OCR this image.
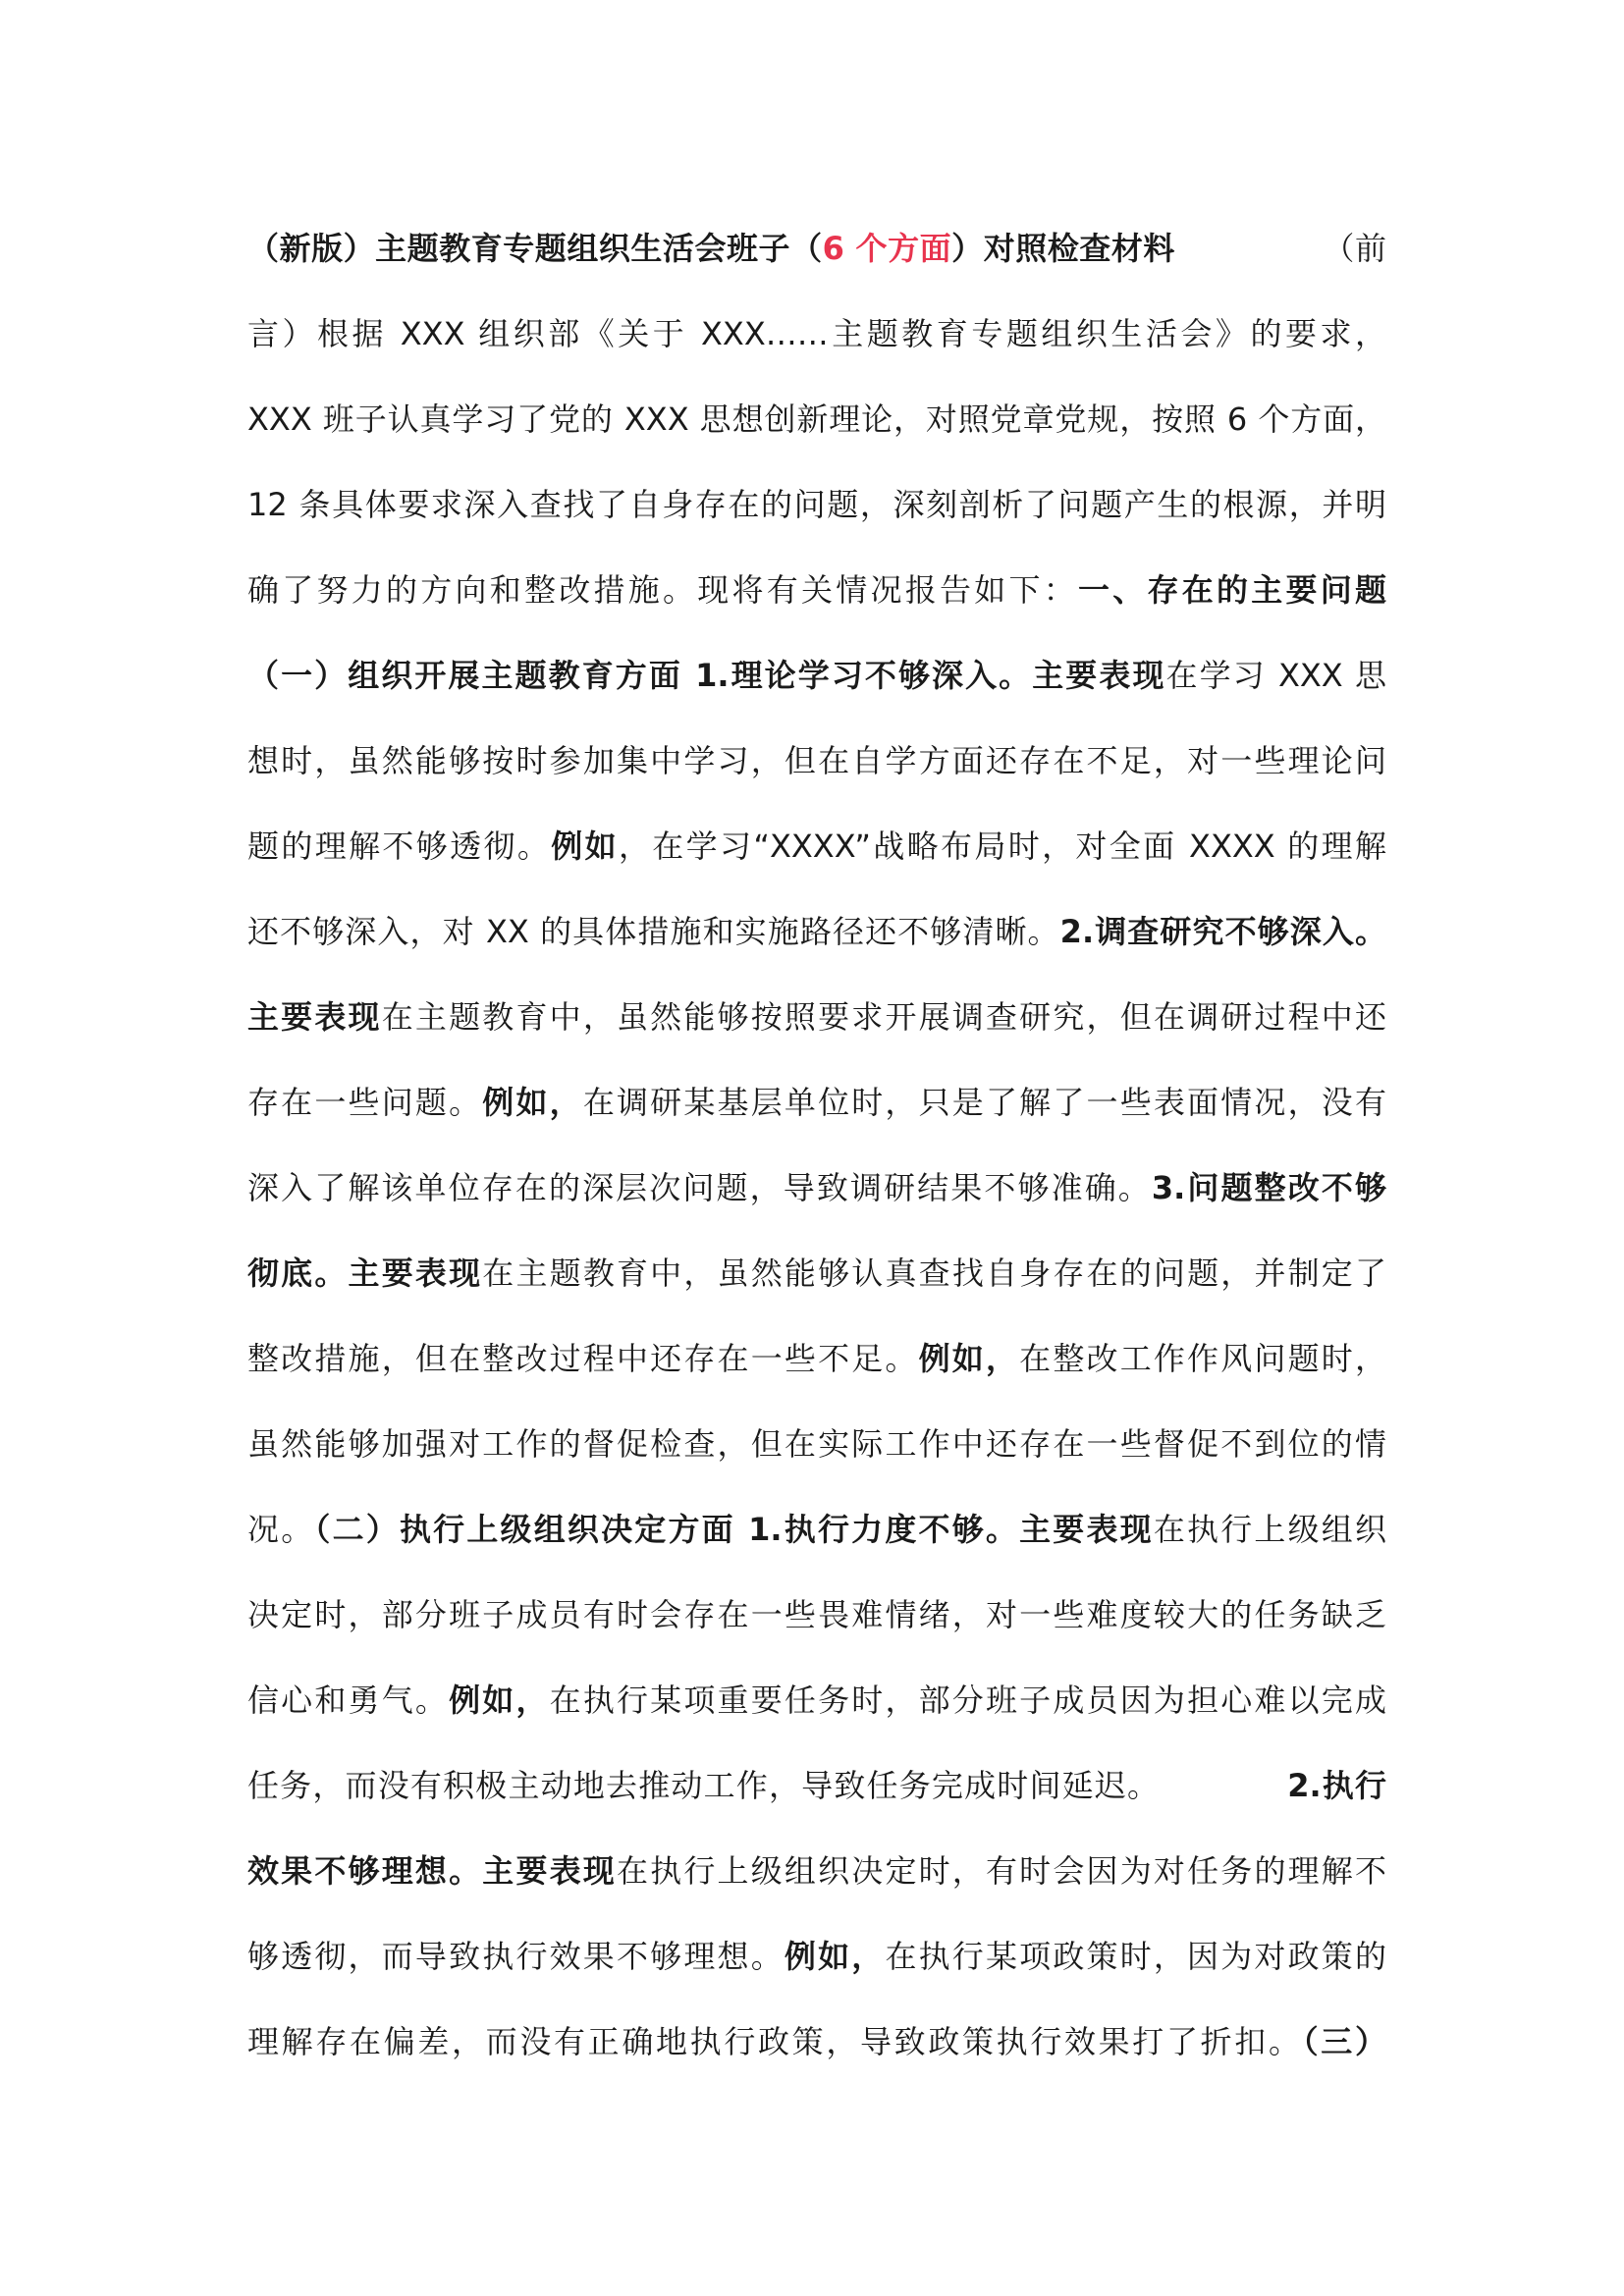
（新版）主题教育专题组织生活会班子（6 个方面）对照检查材料	（前
言）根据 XXX 组织部《关于 XXX……主题教育专题组织生活会》的要求，
XXX 班子认真学习了党的 XXX 思想创新理论，对照党章党规，按照 6 个方面，
12 条具体要求深入查找了自身存在的问题，深刻剖析了问题产生的根源，并明
确了努力的方向和整改措施。现将有关情况报告如下：一、存在的主要问题
（一）组织开展主题教育方面 1.理论学习不够深入。主要表现在学习 XXX 思
想时，虽然能够按时参加集中学习，但在自学方面还存在不足，对一些理论问
题的理解不够透彻。例如，在学习“XXXX”战略布局时，对全面 XXXX 的理解
还不够深入，对 XX 的具体措施和实施路径还不够清晰。2.调查研究不够深入。
主要表现在主题教育中，虽然能够按照要求开展调查研究，但在调研过程中还
存在一些问题。例如，在调研某基层单位时，只是了解了一些表面情况，没有
深入了解该单位存在的深层次问题，导致调研结果不够准确。3.问题整改不够
彻底。主要表现在主题教育中，虽然能够认真查找自身存在的问题，并制定了
整改措施，但在整改过程中还存在一些不足。例如，在整改工作作风问题时，
虽然能够加强对工作的督促检查，但在实际工作中还存在一些督促不到位的情
况。（二）执行上级组织决定方面 1.执行力度不够。主要表现在执行上级组织
决定时，部分班子成员有时会存在一些畏难情绪，对一些难度较大的任务缺乏
信心和勇气。例如，在执行某项重要任务时，部分班子成员因为担心难以完成
任务，而没有积极主动地去推动工作，导致任务完成时间延迟。	2.执行
效果不够理想。主要表现在执行上级组织决定时，有时会因为对任务的理解不
够透彻，而导致执行效果不够理想。例如，在执行某项政策时，因为对政策的
理解存在偏差，而没有正确地执行政策，导致政策执行效果打了折扣。（三）
